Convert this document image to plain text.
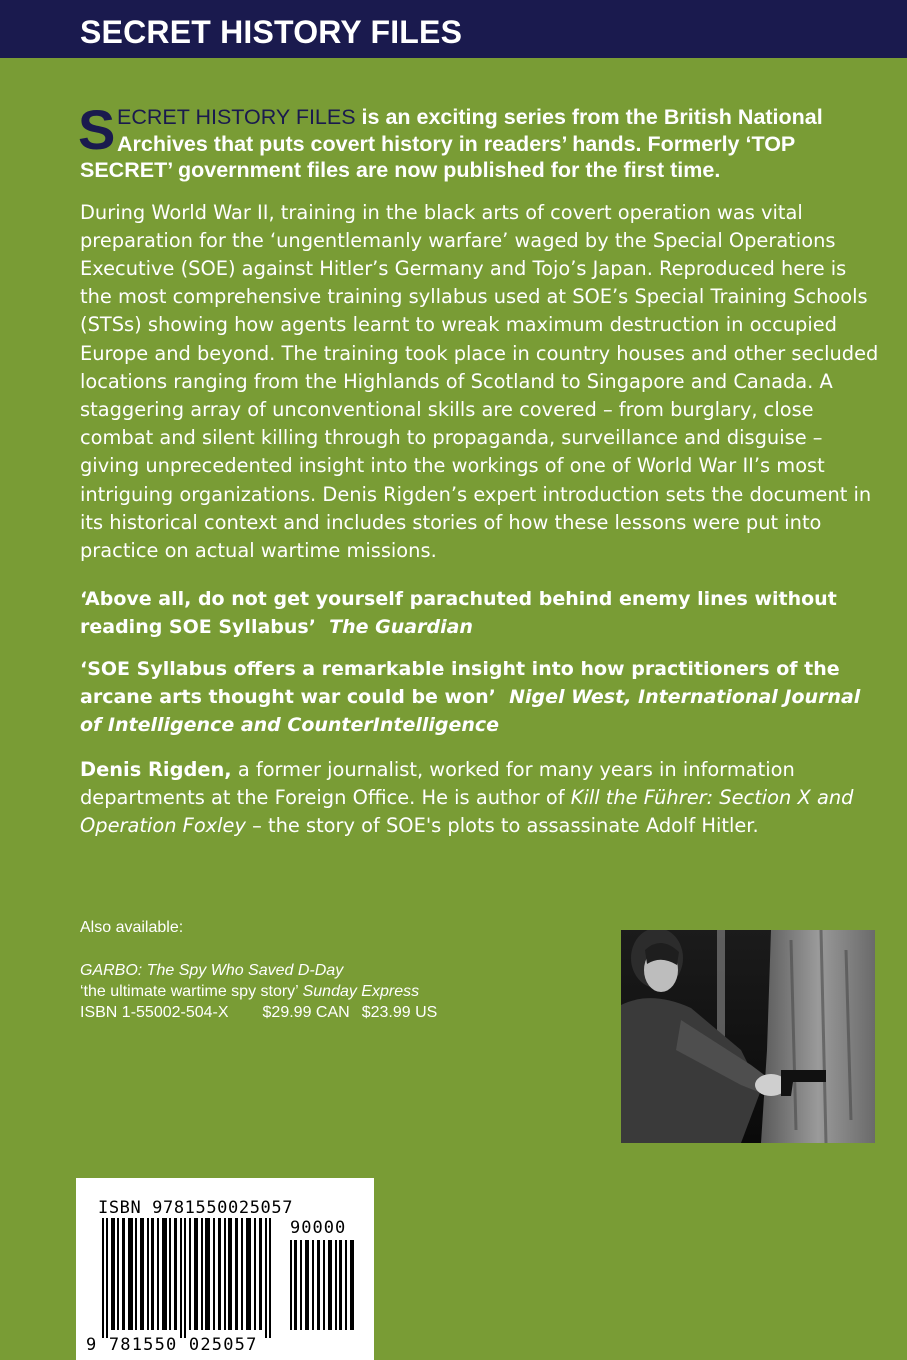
SECRET HISTORY FILES
S ECRET HISTORY FILES is an exciting series from the British National
Archives that puts covert history in readers’ hands. Formerly ‘TOP
SECRET’ government files are now published for the first time.

During World War II, training in the black arts of covert operation was vital preparation for the ‘ungentlemanly warfare’ waged by the Special Operations Executive (SOE) against Hitler’s Germany and Tojo’s Japan. Reproduced here is the most comprehensive training syllabus used at SOE’s Special Training Schools (STSs) showing how agents learnt to wreak maximum destruction in occupied Europe and beyond. The training took place in country houses and other secluded locations ranging from the Highlands of Scotland to Singapore and Canada. A staggering array of unconventional skills are covered – from burglary, close combat and silent killing through to propaganda, surveillance and disguise – giving unprecedented insight into the workings of one of World War II’s most intriguing organizations. Denis Rigden’s expert introduction sets the document in its historical context and includes stories of how these lessons were put into practice on actual wartime missions.

‘Above all, do not get yourself parachuted behind enemy lines without reading SOE Syllabus’ The Guardian

‘SOE Syllabus offers a remarkable insight into how practitioners of the arcane arts thought war could be won’ Nigel West, International Journal of Intelligence and CounterIntelligence

Denis Rigden, a former journalist, worked for many years in information departments at the Foreign Office. He is author of Kill the Führer: Section X and Operation Foxley – the story of SOE's plots to assassinate Adolf Hitler.

Also available:
GARBO: The Spy Who Saved D-Day
‘the ultimate wartime spy story’ Sunday Express
ISBN 1-55002-504-X $29.99 CAN $23.99 US
ISBN 9781550025057
90000
9 781550 025057
